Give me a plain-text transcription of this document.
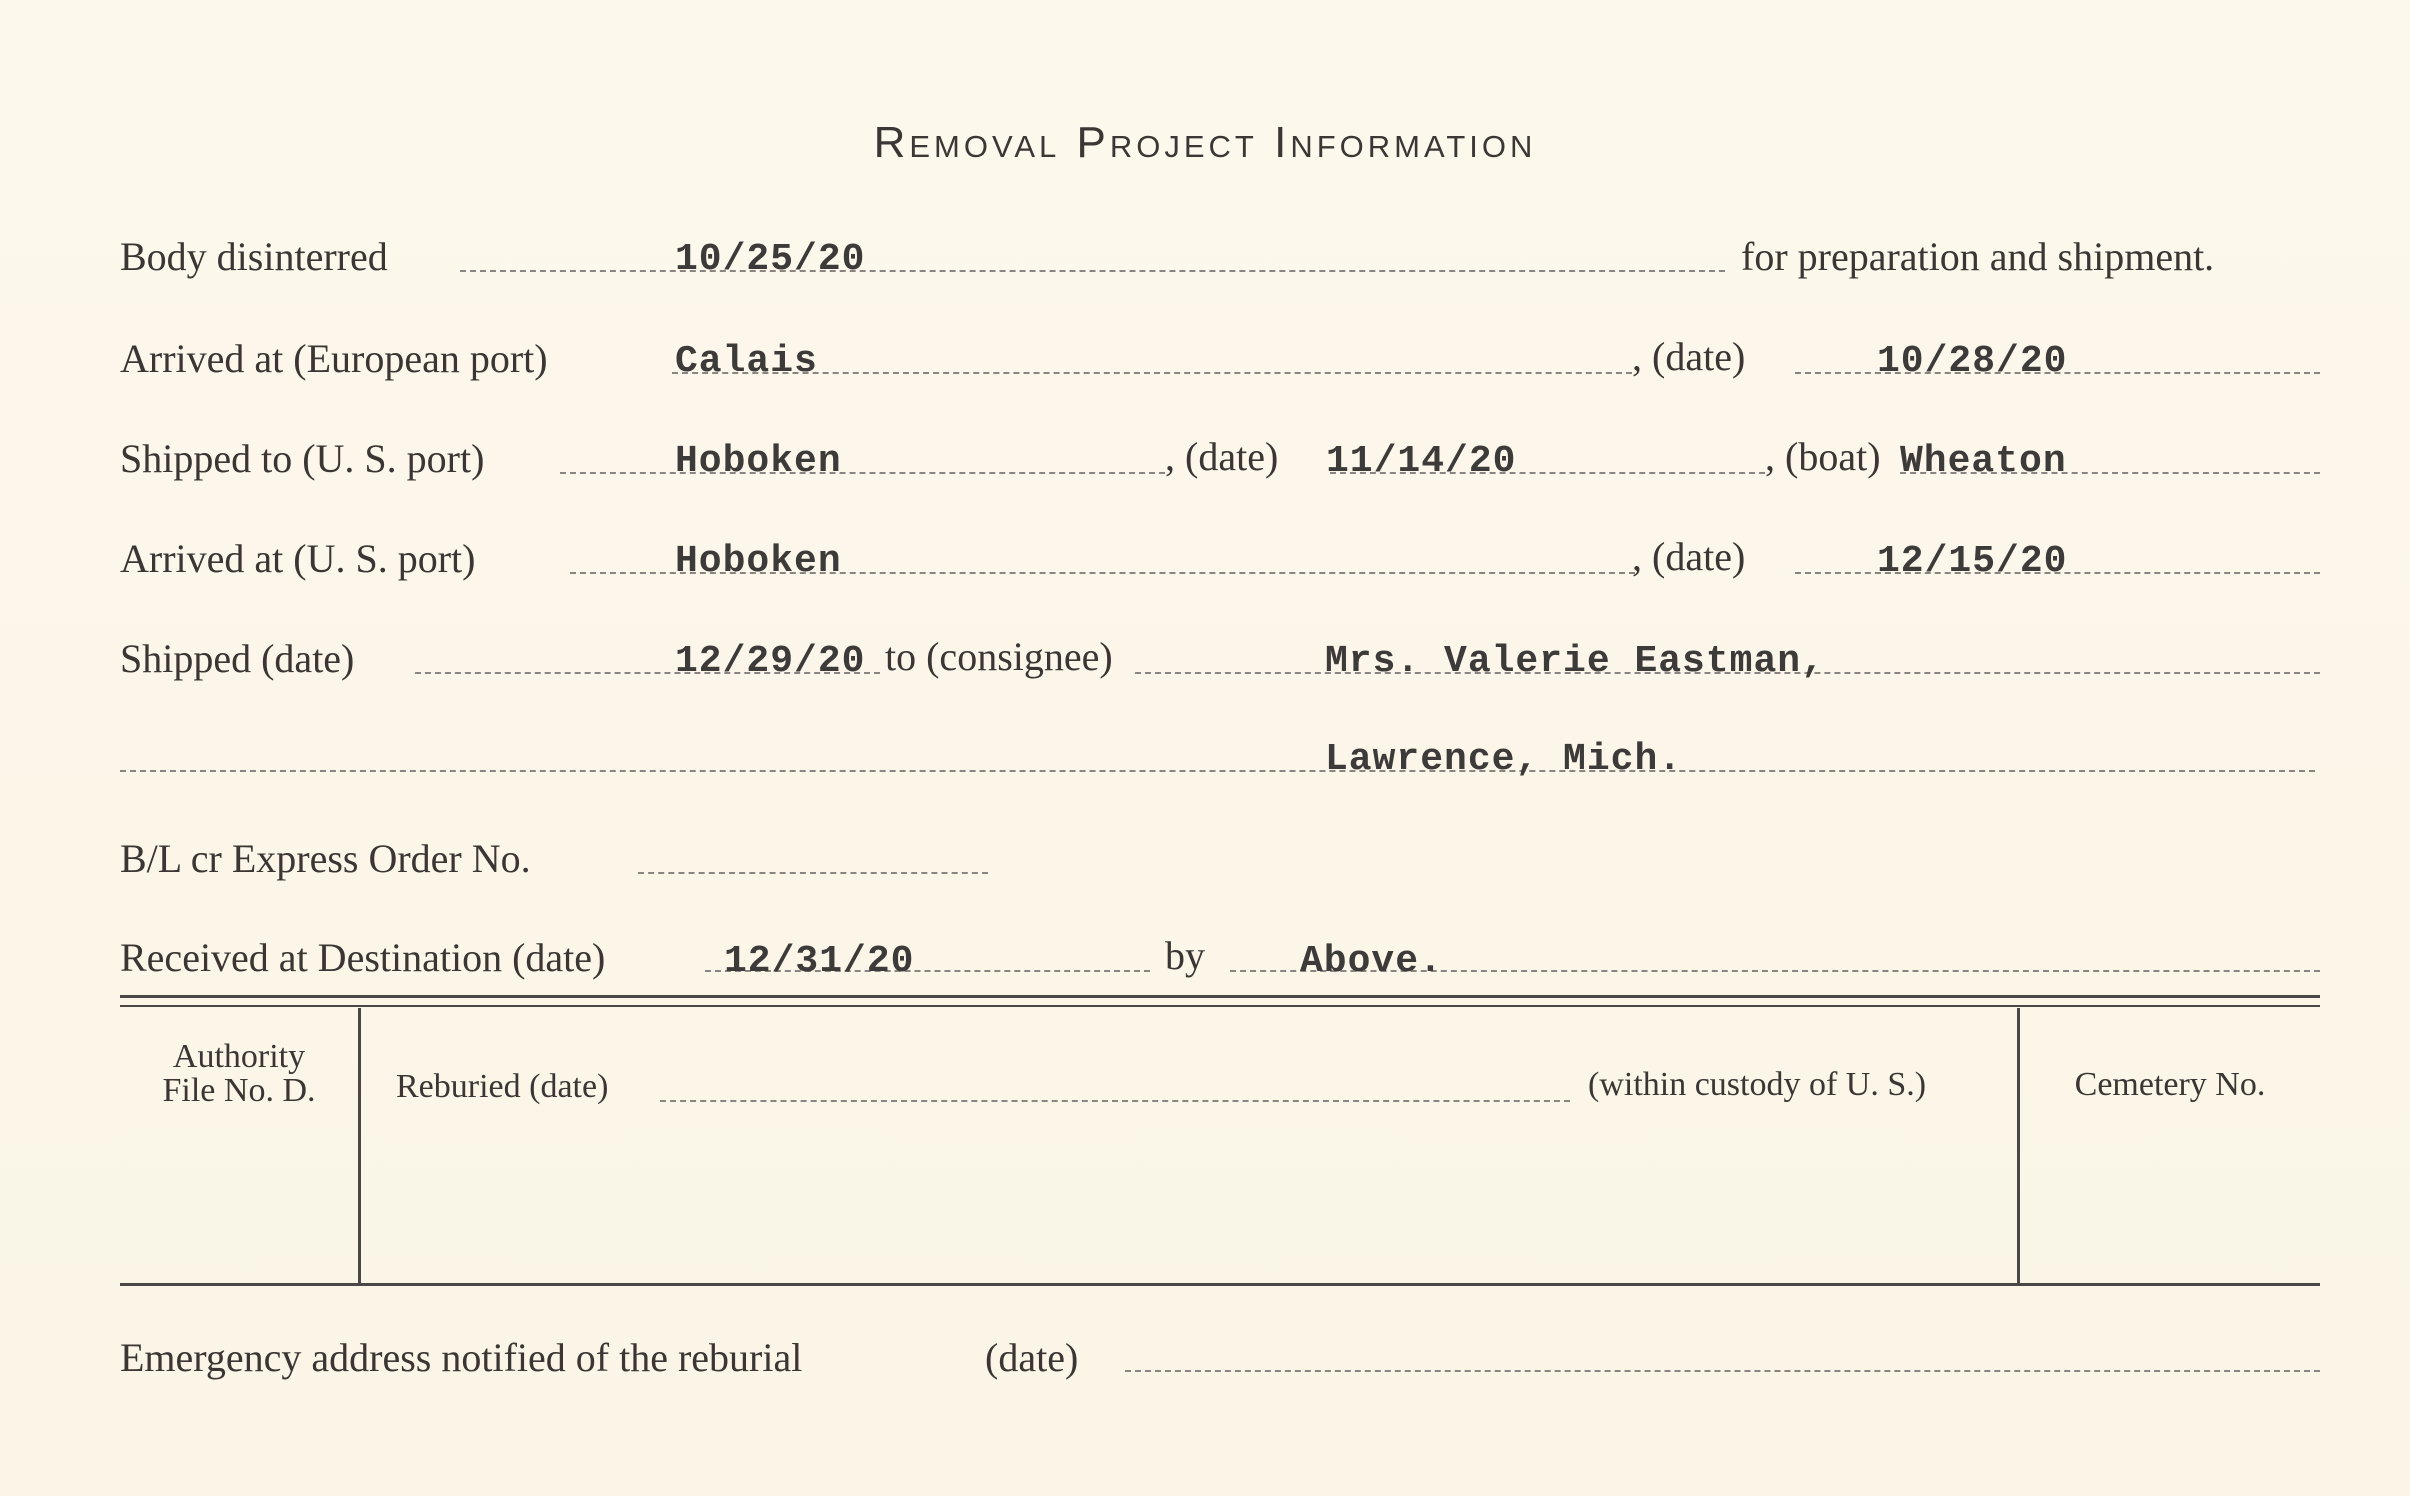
Removal Project Information
Body disinterred	10/25/20	for preparation and shipment.
Arrived at (European port)	Calais	, (date)	10/28/20
Shipped to (U. S. port)	Hoboken	, (date) 11/14/20	, (boat) Wheaton
Arrived at (U. S. port)	Hoboken	, (date)	12/15/20
Shipped (date)	12/29/20 to (consignee)	Mrs. Valerie Eastman,
Lawrence, Mich.
B/L cr Express Order No.
Received at Destination (date)	12/31/20	by	Above.
Authority
File No. D.	Reburied (date)	(within custody of U. S.)	Cemetery No.
Emergency address notified of the reburial	(date)
